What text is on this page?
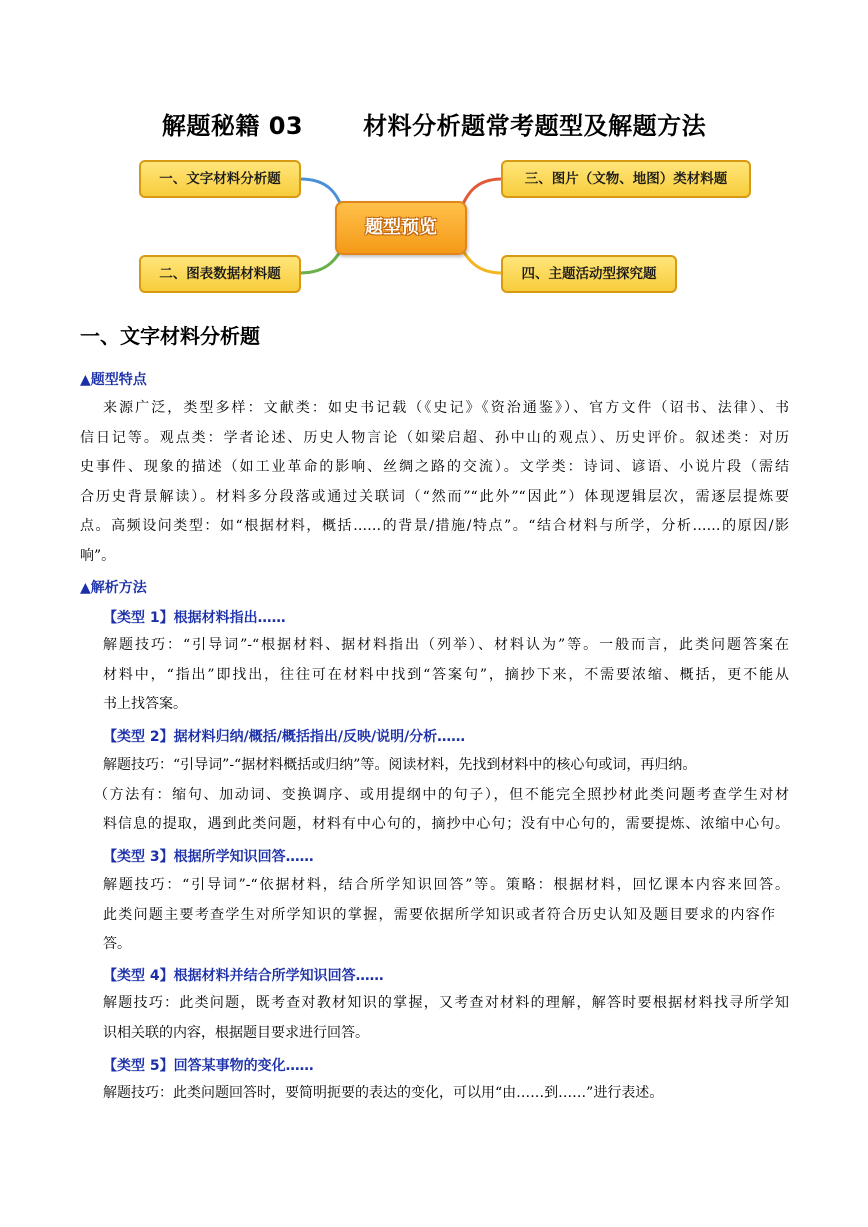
解题秘籍 03	材料分析题常考题型及解题方法
一、文字材料分析题
二、图表数据材料题
三、图片（文物、地图）类材料题
四、主题活动型探究题
题型预览
一、文字材料分析题
▲题型特点
来源广泛，类型多样：文献类：如史书记载（《史记》《资治通鉴》）、官方文件（诏书、法律）、书
信日记等。观点类：学者论述、历史人物言论（如梁启超、孙中山的观点）、历史评价。叙述类：对历
史事件、现象的描述（如工业革命的影响、丝绸之路的交流）。文学类：诗词、谚语、小说片段（需结
合历史背景解读）。材料多分段落或通过关联词（“然而”“此外”“因此”）体现逻辑层次，需逐层提炼要
点。高频设问类型：如“根据材料，概括……的背景/措施/特点”。“结合材料与所学，分析……的原因/影
响”。
▲解析方法
【类型 1】根据材料指出……
解题技巧：“引导词”-“根据材料、据材料指出（列举）、材料认为”等。一般而言，此类问题答案在
材料中，“指出”即找出，往往可在材料中找到“答案句”，摘抄下来，不需要浓缩、概括，更不能从
书上找答案。
【类型 2】据材料归纳/概括/概括指出/反映/说明/分析……
解题技巧：“引导词”-“据材料概括或归纳”等。阅读材料，先找到材料中的核心句或词，再归纳。
（方法有：缩句、加动词、变换调序、或用提纲中的句子），但不能完全照抄材此类问题考查学生对材
料信息的提取，遇到此类问题，材料有中心句的，摘抄中心句；没有中心句的，需要提炼、浓缩中心句。
【类型 3】根据所学知识回答……
解题技巧：“引导词”-“依据材料，结合所学知识回答”等。策略：根据材料，回忆课本内容来回答。
此类问题主要考查学生对所学知识的掌握，需要依据所学知识或者符合历史认知及题目要求的内容作
答。
【类型 4】根据材料并结合所学知识回答……
解题技巧：此类问题，既考查对教材知识的掌握，又考查对材料的理解，解答时要根据材料找寻所学知
识相关联的内容，根据题目要求进行回答。
【类型 5】回答某事物的变化……
解题技巧：此类问题回答时，要简明扼要的表达的变化，可以用“由……到……”进行表述。
